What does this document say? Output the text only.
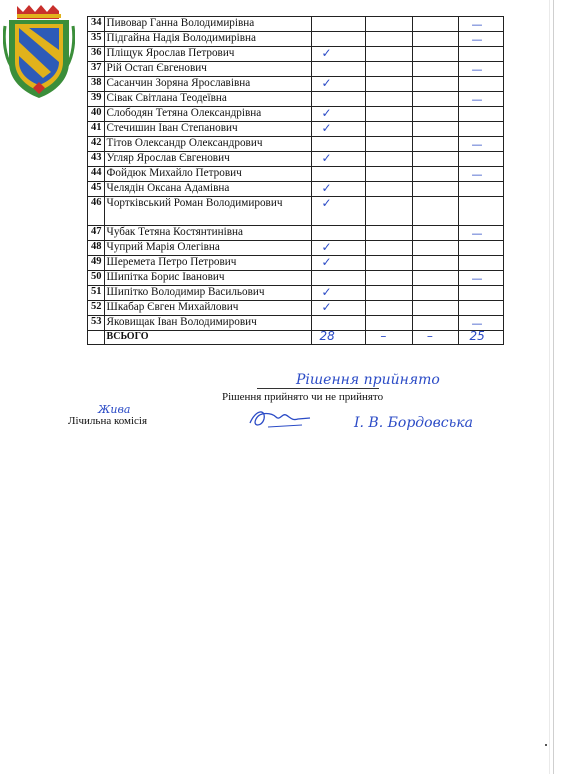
34	Пивовар Ганна Володимирівна				—

35	Підгайна Надія Володимирівна				—

36	Пліщук Ярослав Петрович	✓			

37	Рій Остап Євгенович				—

38	Сасанчин Зоряна Ярославівна	✓			

39	Сівак Світлана Теодеївна				—

40	Слободян Тетяна Олександрівна	✓			

41	Стечишин Іван Степанович	✓			

42	Тітов Олександр Олександрович				—

43	Угляр Ярослав Євгенович	✓			

44	Фойдюк Михайло Петрович				—

45	Челядін Оксана Адамівна	✓			

46	Чортківський Роман Володимирович	✓			

47	Чубак Тетяна Костянтинівна				—

48	Чуприй Марія Олегівна	✓			

49	Шеремета Петро Петрович	✓			

50	Шипітка Борис Іванович				—

51	Шипітко Володимир Васильович	✓			

52	Шкабар Євген Михайлович	✓			

53	Яковищак Іван Володимирович				—

	ВСЬОГО	28	–	–	25
Рішення прийнято
Рішення прийнято чи не прийнято
Жива
Лічильна комісія	І. В. Бордовська
